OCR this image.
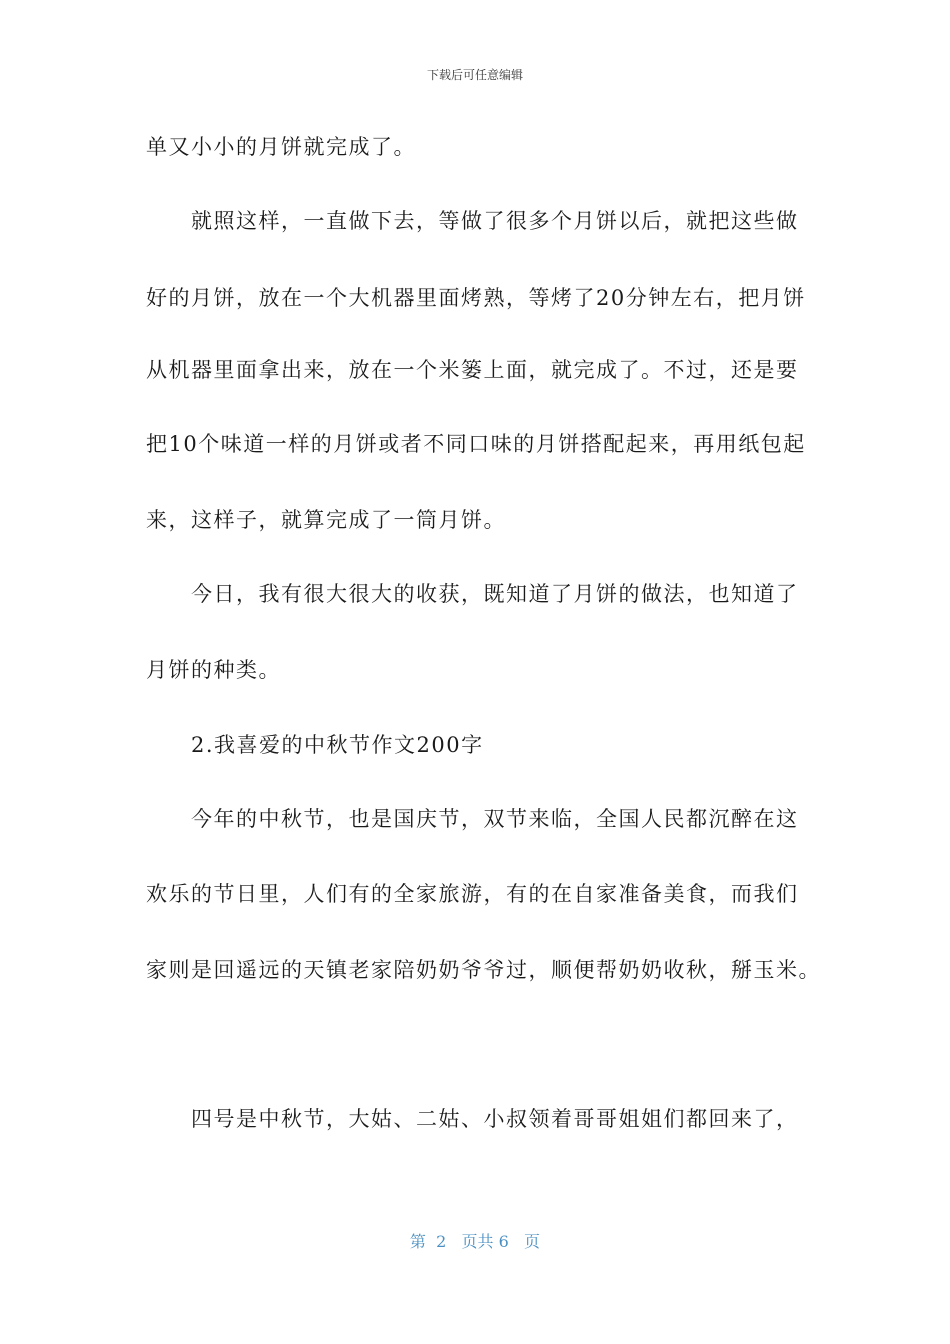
下载后可任意编辑
单又小小的月饼就完成了。
　　就照这样，一直做下去，等做了很多个月饼以后，就把这些做
好的月饼，放在一个大机器里面烤熟，等烤了20分钟左右，把月饼
从机器里面拿出来，放在一个米篓上面，就完成了。不过，还是要
把10个味道一样的月饼或者不同口味的月饼搭配起来，再用纸包起
来，这样子，就算完成了一筒月饼。
　　今日，我有很大很大的收获，既知道了月饼的做法，也知道了
月饼的种类。
　　2.我喜爱的中秋节作文200字
　　今年的中秋节，也是国庆节，双节来临，全国人民都沉醉在这
欢乐的节日里，人们有的全家旅游，有的在自家准备美食，而我们
家则是回遥远的天镇老家陪奶奶爷爷过，顺便帮奶奶收秋，掰玉米。
　　四号是中秋节，大姑、二姑、小叔领着哥哥姐姐们都回来了，
第  2   页共 6   页
